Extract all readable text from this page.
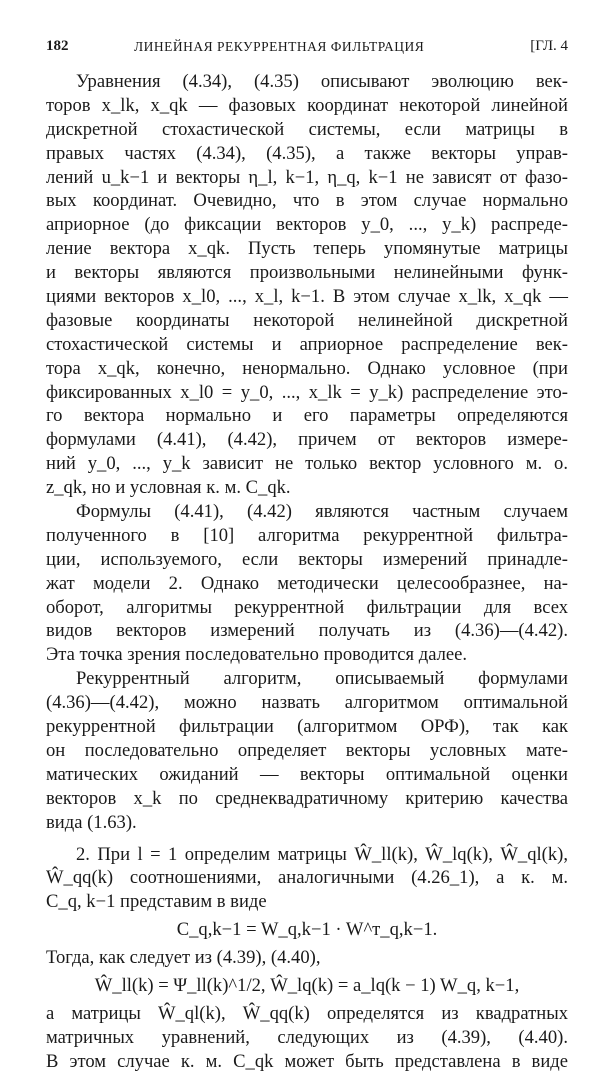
182	ЛИНЕЙНАЯ РЕКУРРЕНТНАЯ ФИЛЬТРАЦИЯ	[ГЛ. 4
Уравнения (4.34), (4.35) описывают эволюцию век-
торов x_lk, x_qk — фазовых координат некоторой линейной
дискретной стохастической системы, если матрицы в
правых частях (4.34), (4.35), а также векторы управ-
лений u_k−1 и векторы η_l, k−1, η_q, k−1 не зависят от фазо-
вых координат. Очевидно, что в этом случае нормально
априорное (до фиксации векторов y_0, ..., y_k) распреде-
ление вектора x_qk. Пусть теперь упомянутые матрицы
и векторы являются произвольными нелинейными функ-
циями векторов x_l0, ..., x_l, k−1. В этом случае x_lk, x_qk —
фазовые координаты некоторой нелинейной дискретной
стохастической системы и априорное распределение век-
тора x_qk, конечно, ненормально. Однако условное (при
фиксированных x_l0 = y_0, ..., x_lk = y_k) распределение это-
го вектора нормально и его параметры определяются
формулами (4.41), (4.42), причем от векторов измере-
ний y_0, ..., y_k зависит не только вектор условного м. о.
z_qk, но и условная к. м. C_qk.
Формулы (4.41), (4.42) являются частным случаем
полученного в [10] алгоритма рекуррентной фильтра-
ции, используемого, если векторы измерений принадле-
жат модели 2. Однако методически целесообразнее, на-
оборот, алгоритмы рекуррентной фильтрации для всех
видов векторов измерений получать из (4.36)—(4.42).
Эта точка зрения последовательно проводится далее.
Рекуррентный алгоритм, описываемый формулами
(4.36)—(4.42), можно назвать алгоритмом оптимальной
рекуррентной фильтрации (алгоритмом ОРФ), так как
он последовательно определяет векторы условных мате-
матических ожиданий — векторы оптимальной оценки
векторов x_k по среднеквадратичному критерию качества
вида (1.63).
2. При l = 1 определим матрицы Ŵ_ll(k), Ŵ_lq(k), Ŵ_ql(k),
Ŵ_qq(k) соотношениями, аналогичными (4.26_1), а к. м.
C_q, k−1 представим в виде
C_q,k−1 = W_q,k−1 · W^т_q,k−1.
Тогда, как следует из (4.39), (4.40),
Ŵ_ll(k) = Ψ_ll(k)^1/2, Ŵ_lq(k) = a_lq(k − 1) W_q, k−1,
а матрицы Ŵ_ql(k), Ŵ_qq(k) определятся из квадратных
матричных уравнений, следующих из (4.39), (4.40).
В этом случае к. м. C_qk может быть представлена в виде
